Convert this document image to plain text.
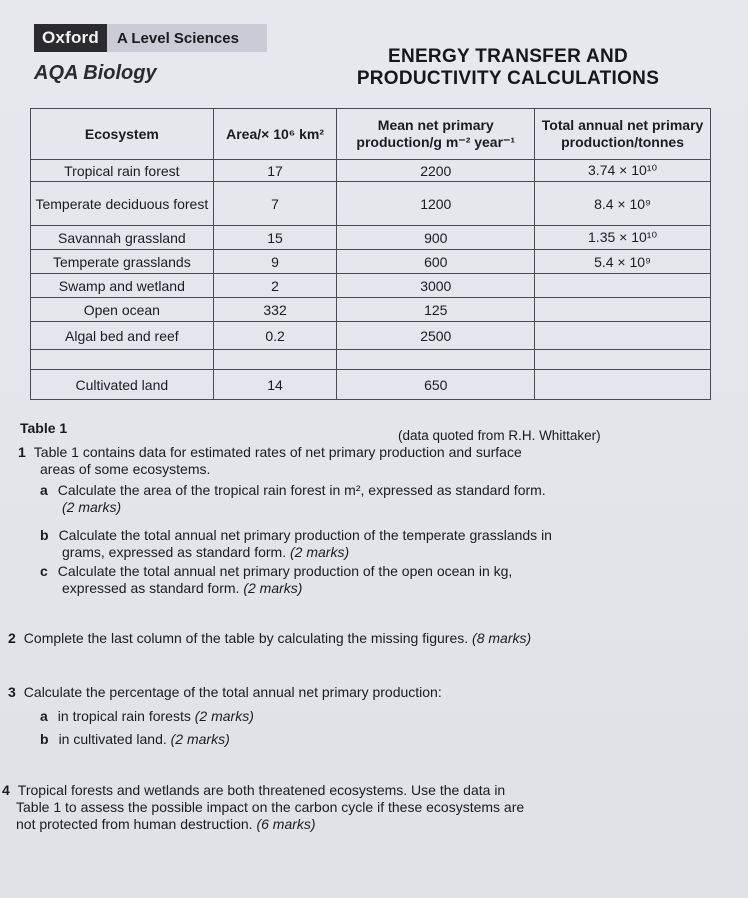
Oxford	A Level Sciences
AQA Biology
ENERGY TRANSFER AND
PRODUCTIVITY CALCULATIONS
Ecosystem	Area/× 10⁶ km²	Mean net primary production/g m⁻² year⁻¹	Total annual net primary production/tonnes
Tropical rain forest	17	2200	3.74 × 10¹⁰
Temperate deciduous forest	7	1200	8.4 × 10⁹
Savannah grassland	15	900	1.35 × 10¹⁰
Temperate grasslands	9	600	5.4 × 10⁹
Swamp and wetland	2	3000	
Open ocean	332	125	
Algal bed and reef	0.2	2500	

Cultivated land	14	650	
Table 1	(data quoted from R.H. Whittaker)
1 Table 1 contains data for estimated rates of net primary production and surface
areas of some ecosystems.
a Calculate the area of the tropical rain forest in m², expressed as standard form.
(2 marks)
b Calculate the total annual net primary production of the temperate grasslands in
grams, expressed as standard form. (2 marks)
c Calculate the total annual net primary production of the open ocean in kg,
expressed as standard form. (2 marks)
2 Complete the last column of the table by calculating the missing figures. (8 marks)
3 Calculate the percentage of the total annual net primary production:
a in tropical rain forests (2 marks)
b in cultivated land. (2 marks)
4 Tropical forests and wetlands are both threatened ecosystems. Use the data in
Table 1 to assess the possible impact on the carbon cycle if these ecosystems are
not protected from human destruction. (6 marks)
